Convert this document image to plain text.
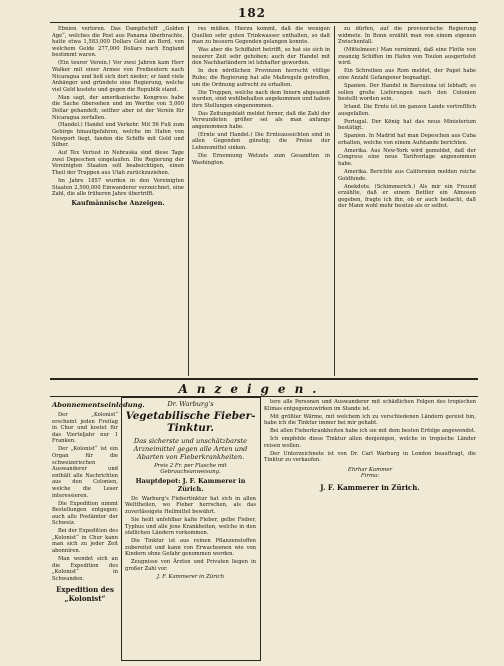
182

Ebnien verloren. Das Dampfschiff „Golden Age“, welches die Post aus Panama überbrachte, hatte etwa 1,583,000 Dollars Gold an Bord, von welchem Gelde 277,000 Dollars nach England bestimmt waren.

(Ein teurer Verein.) Vor zwei Jahren kam Herr Walker mit einer Armee von Freibeutern nach Nicaragua und ließ sich dort nieder; er fand viele Anhänger und gründete eine Regierung, welche viel Geld kostete und gegen die Republik stand.

Man sagt, der amerikanische Kongress habe die Sache übersehen und im Werthe von 5,000 Dollar gehandelt; seither aber ist der Verein für Nicaragua zerfallen.

(Handel.) Handel und Verkehr. Mit 56 Fuß zum Gebirge hinaufgefahren, welche im Hafen von Newport liegt, fanden die Schiffe mit Gold und Silber.

Auf Tex Verlust in Nebraska sind diese Tage zwei Depeschen eingelaufen. Die Regierung der Vereinigten Staaten soll beabsichtigen, einen Theil der Truppen aus Utah zurückzuziehen.

Im Jahre 1857 wurden in den Vereinigten Staaten 2,500,000 Einwanderer verzeichnet, eine Zahl, die alle früheren Jahre übertrifft.

Kaufmännische Anzeigen.

res müßen. Hierzu kommt, daß die wenigen Quellen sehr guten Trinkwasser enthalten, so daß man zu bessern Gegenden gelangen konnte.

Was aber die Schiffahrt betrifft, so hat sie sich in neuerer Zeit sehr gehoben; auch der Handel mit den Nachbarländern ist lebhafter geworden.

In den nördlichen Provinzen herrscht völlige Ruhe; die Regierung hat alle Maßregeln getroffen, um die Ordnung aufrecht zu erhalten.

Die Truppen, welche nach dem Innern abgesandt wurden, sind wohlbehalten angekommen und haben ihre Stellungen eingenommen.

Das Zeitungsblatt meldet ferner, daß die Zahl der Verwundeten größer sei als man anfangs angenommen habe.

(Ernte und Handel.) Die Ernteaussichten sind in allen Gegenden günstig; die Preise der Lebensmittel sinken.

Die Ernennung Wetzels zum Gesandten in Washington.

zu dürfen, auf die provisorische Regierung widmete. In Bonn erzählt man von einem eigenen Zwischenfall.

(Mittelmeer.) Man vernimmt, daß eine Flotte von zwanzig Schiffen im Hafen von Toulon ausgerüstet wird.

Ein Schreiben aus Rom meldet, der Papst habe eine Anzahl Gefangener begnadigt.

Spanien. Der Handel in Barcelona ist lebhaft; es sollen große Lieferungen nach den Colonien bestellt worden sein.

Irland. Die Ernte ist im ganzen Lande vortrefflich ausgefallen.

Portugal. Der König hat das neue Ministerium bestätigt.

Spanien. In Madrid hat man Depeschen aus Cuba erhalten, welche von einem Aufstande berichten.

Amerika. Aus New-York wird gemeldet, daß der Congress eine neue Tarifvorlage angenommen habe.

Amerika. Berichte aus Californien melden reiche Goldfunde.

Anekdote. (Schimmerich.) Als mir ein Freund erzählte, daß er einem Bettler ein Almosen gegeben, fragte ich ihn, ob er auch bedacht, daß der Mann wohl mehr besitze als er selbst.

Anzeigen.
Abonnementseinladung.

Der „Kolonist“ erscheint jeden Freitag in Chur und kostet für das Vierteljahr nur 1 Franken.

Der „Kolonist“ ist ein Organ für die schweizerischen Auswanderer und enthält alle Nachrichten aus den Colonien, welche die Leser interessieren.

Die Expedition nimmt Bestellungen entgegen; auch alle Postämter der Schweiz.

Bei der Expedition des „Kolonist“ in Chur kann man sich zu jeder Zeit abonniren.

Man wendet sich an die Expedition des „Kolonist“ in Schwanden.

Expedition des „Kolonist“
Dr. Warburg's
Vegetabilische Fieber-Tinktur.
Das sicherste und unschätzbarste Arzneimittel gegen alle Arten und Abarten von Fieberkrankheiten.
Preis 2 Fr. per Flasche mit Gebrauchsanweisung.
Hauptdepot: J. F. Kammerer in Zürich.

Dr. Warburg's Fiebertinktur hat sich in allen Welttheilen, wo Fieber herrschen, als das zuverlässigste Heilmittel bewährt.

Sie heilt unfehlbar kalte Fieber, gelbe Fieber, Typhus und alle jene Krankheiten, welche in den südlichen Ländern vorkommen.

Die Tinktur ist aus reinen Pflanzenstoffen zubereitet und kann von Erwachsenen wie von Kindern ohne Gefahr genommen werden.

Zeugnisse von Ärzten und Privaten liegen in großer Zahl vor.

J. F. Kammerer in Zürich

tere alle Personen und Auswanderer mit schädlichen Folgen des tropischen Klimas entgegenzuwirken im Stande ist.

Mit größter Wärme, mit welchem ich zu verschiedenen Ländern gereist bin, habe ich die Tinktur immer bei mir gehabt.

Bei allen Fieberkrankheiten habe ich sie mit dem besten Erfolge angewendet.

Ich empfehle diese Tinktur allen denjenigen, welche in tropische Länder reisen wollen.

Der Unterzeichnete ist von Dr. Carl Warburg in London beauftragt, die Tinktur zu verkaufen.

Ehrhar Kammer
Firma:
J. F. Kammerer in Zürich.
